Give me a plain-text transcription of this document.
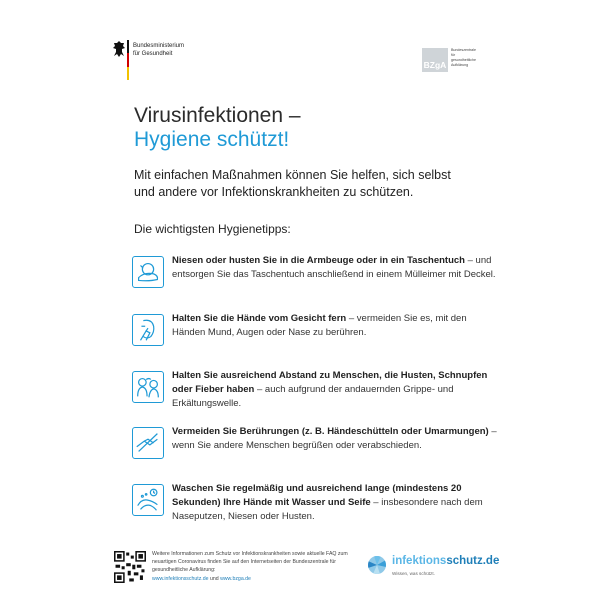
Bundesministerium
für Gesundheit
BZgA
Bundeszentrale
für
gesundheitliche
Aufklärung
Virusinfektionen –
Hygiene schützt!
Mit einfachen Maßnahmen können Sie helfen, sich selbst und andere vor Infektionskrankheiten zu schützen.
Die wichtigsten Hygienetipps:
Niesen oder husten Sie in die Armbeuge oder in ein Taschentuch – und entsorgen Sie das Taschentuch anschließend in einem Mülleimer mit Deckel.
Halten Sie die Hände vom Gesicht fern – vermeiden Sie es, mit den Händen Mund, Augen oder Nase zu berühren.
Halten Sie ausreichend Abstand zu Menschen, die Husten, Schnupfen oder Fieber haben – auch aufgrund der andauernden Grippe- und Erkältungswelle.
Vermeiden Sie Berührungen (z. B. Händeschütteln oder Umarmungen) – wenn Sie andere Menschen begrüßen oder verabschieden.
Waschen Sie regelmäßig und ausreichend lange (mindestens 20 Sekunden) Ihre Hände mit Wasser und Seife – insbesondere nach dem Naseputzen, Niesen oder Husten.
Weitere Informationen zum Schutz vor Infektionskrankheiten sowie aktuelle FAQ zum neuartigen Coronavirus finden Sie auf den Internetseiten der Bundeszentrale für gesundheitliche Aufklärung:
www.infektionsschutz.de und www.bzga.de
infektionsschutz.de
Wissen, was schützt.
